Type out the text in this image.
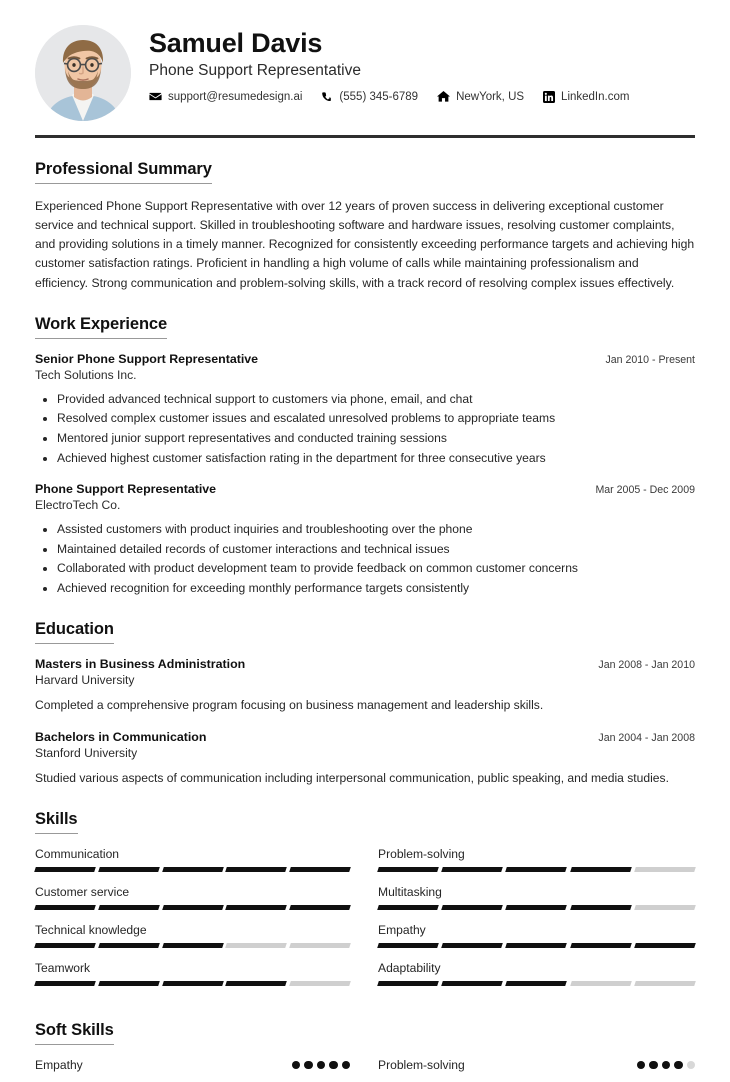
Samuel Davis
Phone Support Representative
support@resumedesign.ai	(555) 345-6789	NewYork, US	LinkedIn.com
Professional Summary
Experienced Phone Support Representative with over 12 years of proven success in delivering exceptional customer service and technical support. Skilled in troubleshooting software and hardware issues, resolving customer complaints, and providing solutions in a timely manner. Recognized for consistently exceeding performance targets and achieving high customer satisfaction ratings. Proficient in handling a high volume of calls while maintaining professionalism and efficiency. Strong communication and problem-solving skills, with a track record of resolving complex issues effectively.
Work Experience
Senior Phone Support Representative	Jan 2010 - Present
Tech Solutions Inc.
• Provided advanced technical support to customers via phone, email, and chat
• Resolved complex customer issues and escalated unresolved problems to appropriate teams
• Mentored junior support representatives and conducted training sessions
• Achieved highest customer satisfaction rating in the department for three consecutive years
Phone Support Representative	Mar 2005 - Dec 2009
ElectroTech Co.
• Assisted customers with product inquiries and troubleshooting over the phone
• Maintained detailed records of customer interactions and technical issues
• Collaborated with product development team to provide feedback on common customer concerns
• Achieved recognition for exceeding monthly performance targets consistently
Education
Masters in Business Administration	Jan 2008 - Jan 2010
Harvard University
Completed a comprehensive program focusing on business management and leadership skills.
Bachelors in Communication	Jan 2004 - Jan 2008
Stanford University
Studied various aspects of communication including interpersonal communication, public speaking, and media studies.
Skills
Communication	Problem-solving
Customer service	Multitasking
Technical knowledge	Empathy
Teamwork	Adaptability
Soft Skills
Empathy	Problem-solving
